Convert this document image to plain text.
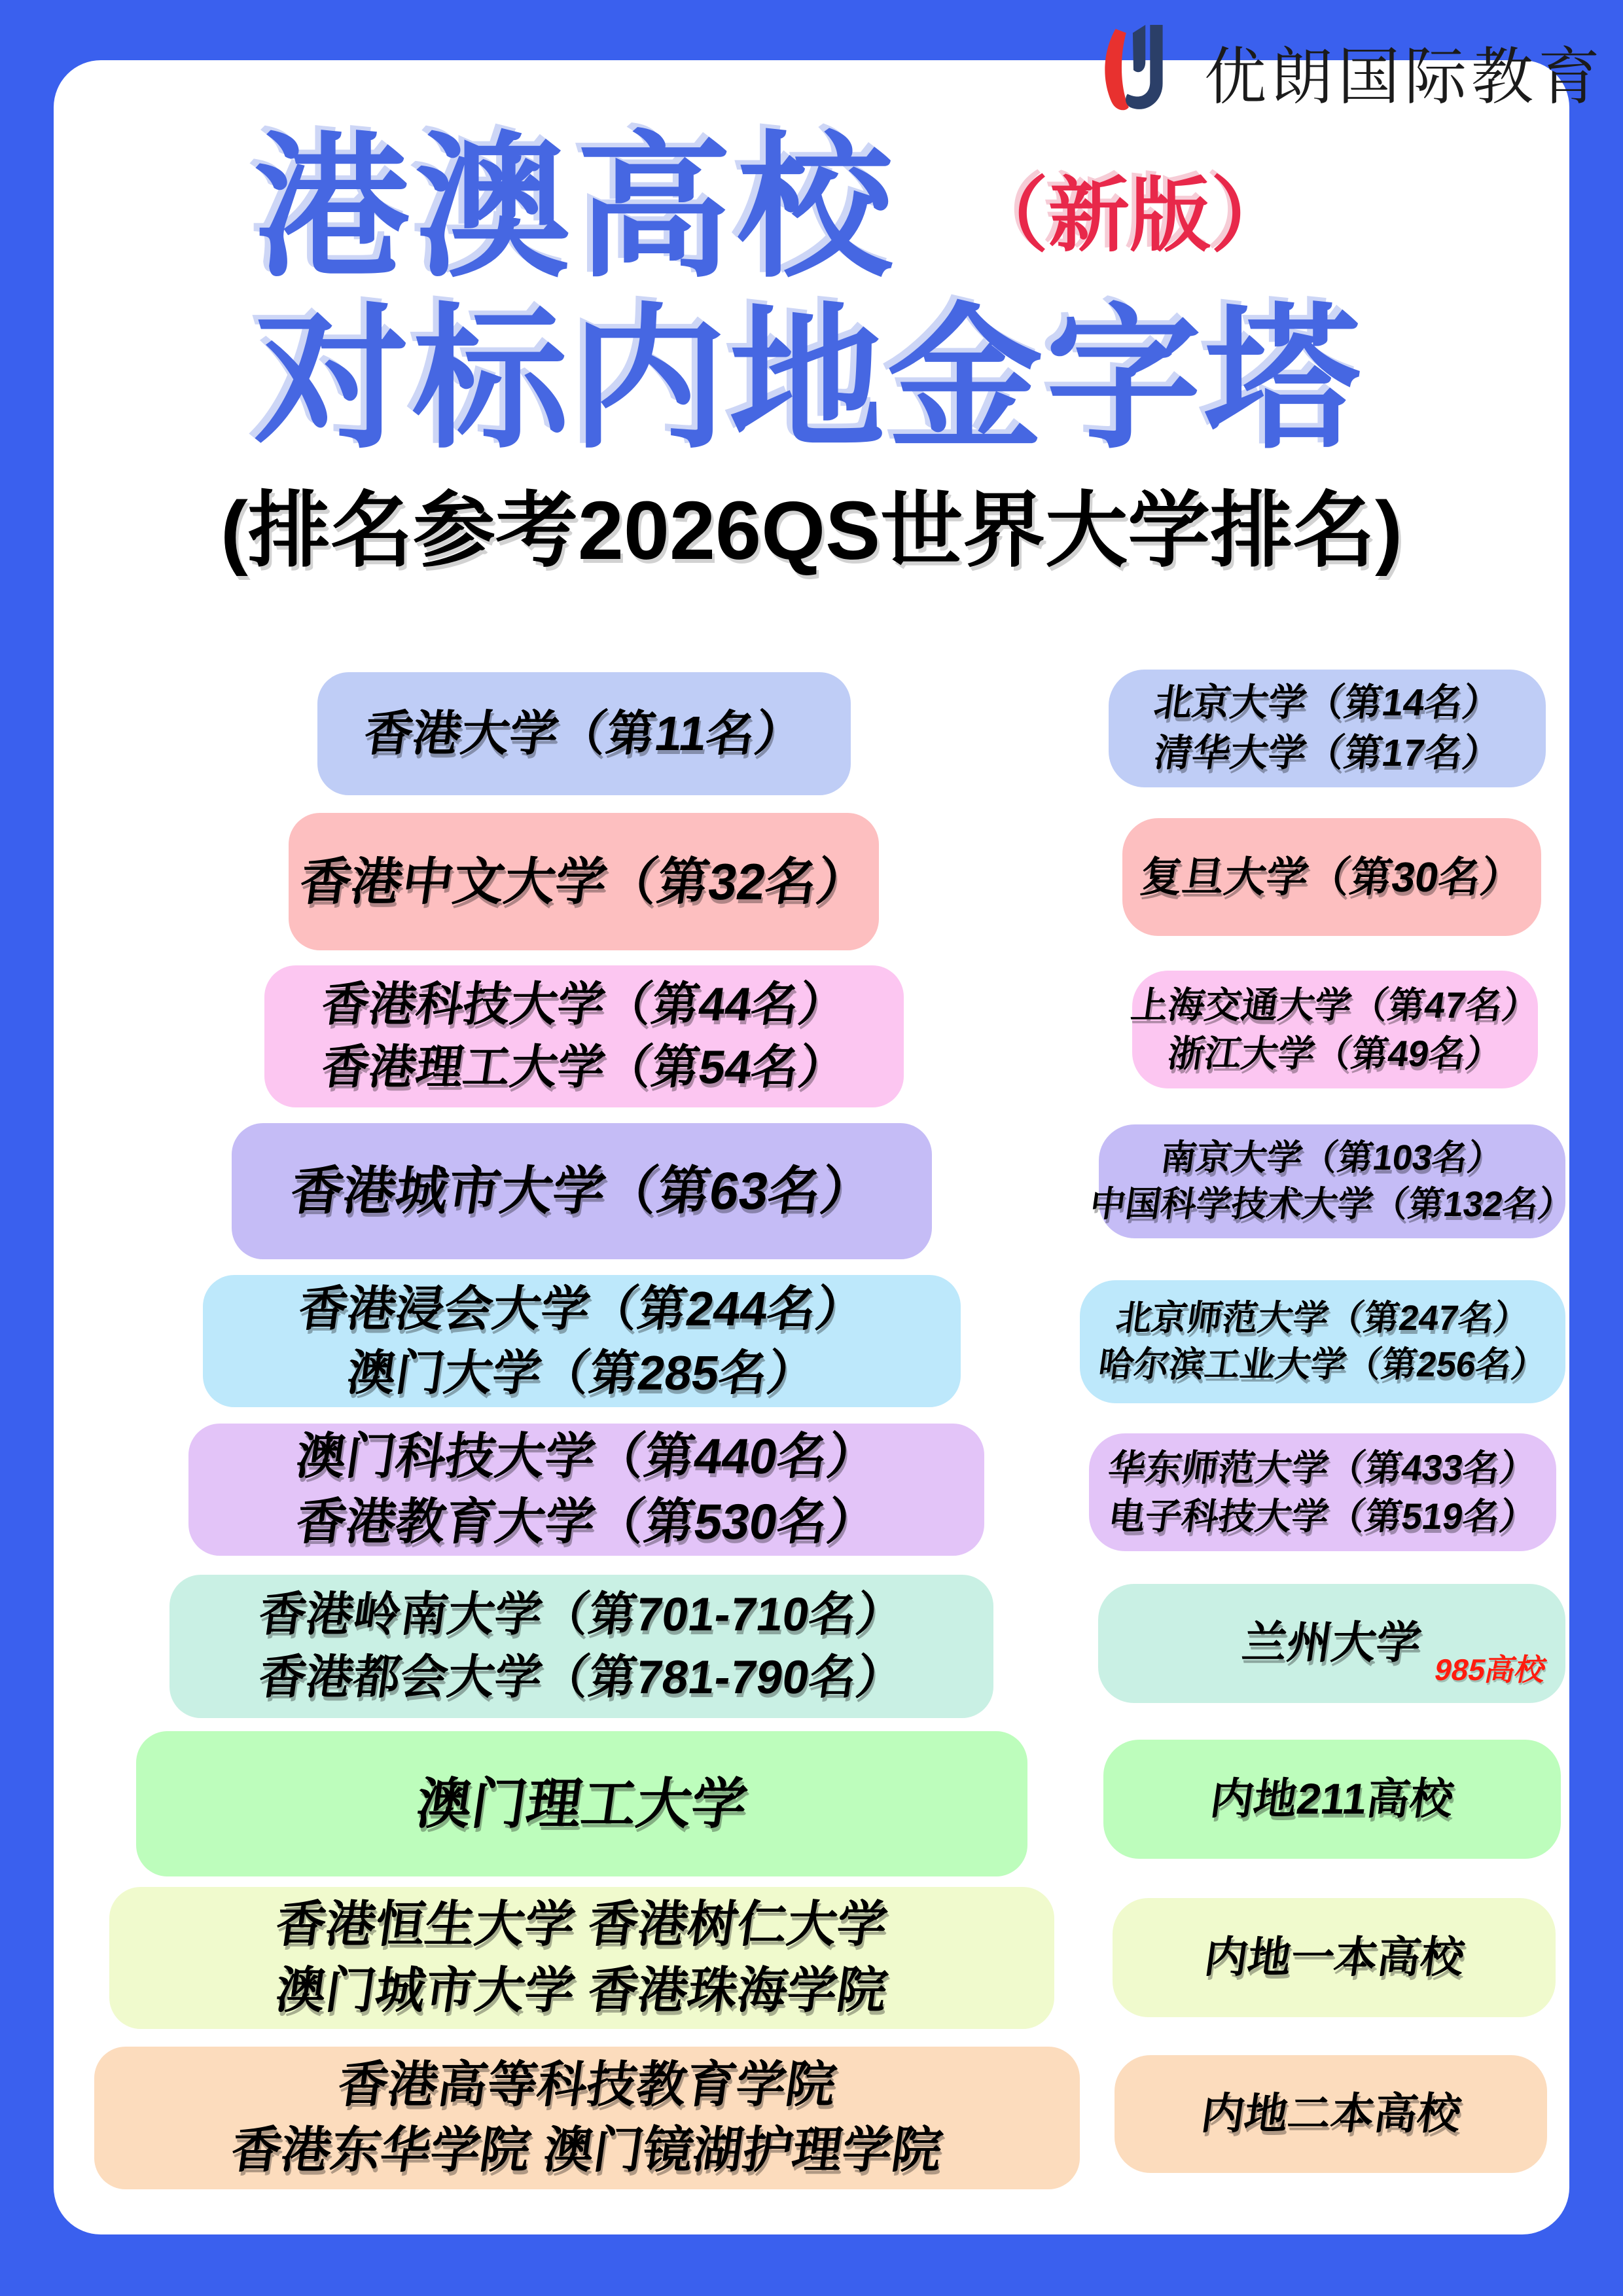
优朗国际教育
港澳高校 （新版）
对标内地金字塔
(排名参考2026QS世界大学排名)
香港大学（第11名）
北京大学（第14名）
清华大学（第17名）
香港中文大学（第32名）	复旦大学（第30名）
香港科技大学（第44名）
香港理工大学（第54名）
上海交通大学（第47名）
浙江大学（第49名）
香港城市大学（第63名）
南京大学（第103名）
中国科学技术大学（第132名）
香港浸会大学（第244名）
澳门大学（第285名）
北京师范大学（第247名）
哈尔滨工业大学（第256名）
澳门科技大学（第440名）
香港教育大学（第530名）
华东师范大学（第433名）
电子科技大学（第519名）
香港岭南大学（第701-710名）
香港都会大学（第781-790名）
兰州大学
985高校
澳门理工大学	内地211高校
香港恒生大学 香港树仁大学
澳门城市大学 香港珠海学院
内地一本高校
香港高等科技教育学院
香港东华学院 澳门镜湖护理学院
内地二本高校
